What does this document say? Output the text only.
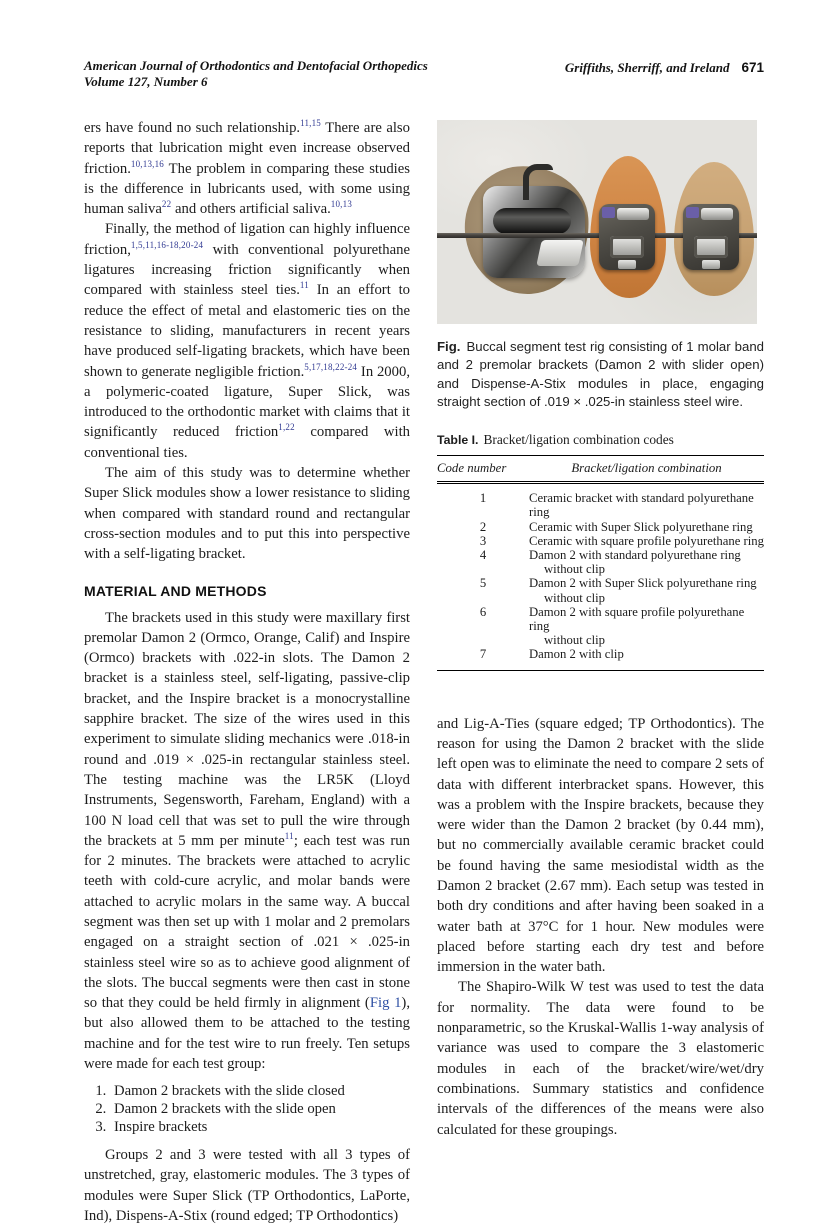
American Journal of Orthodontics and Dentofacial Orthopedics
Volume 127, Number 6
Griffiths, Sherriff, and Ireland 671

ers have found no such relationship.$^{11,15}$ There are also reports that lubrication might even increase observed friction.$^{10,13,16}$ The problem in comparing these studies is the difference in lubricants used, with some using human saliva$^{22}$ and others artificial saliva.$^{10,13}$

Finally, the method of ligation can highly influence friction,$^{1,5,11,16-18,20-24}$ with conventional polyurethane ligatures increasing friction significantly when compared with stainless steel ties.$^{11}$ In an effort to reduce the effect of metal and elastomeric ties on the resistance to sliding, manufacturers in recent years have produced self-ligating brackets, which have been shown to generate negligible friction.$^{5,17,18,22-24}$ In 2000, a polymeric-coated ligature, Super Slick, was introduced to the orthodontic market with claims that it significantly reduced friction$^{1,22}$ compared with conventional ties.

The aim of this study was to determine whether Super Slick modules show a lower resistance to sliding when compared with standard round and rectangular cross-section modules and to put this into perspective with a self-ligating bracket.

MATERIAL AND METHODS

The brackets used in this study were maxillary first premolar Damon 2 (Ormco, Orange, Calif) and Inspire (Ormco) brackets with .022-in slots. The Damon 2 bracket is a stainless steel, self-ligating, passive-clip bracket, and the Inspire bracket is a monocrystalline sapphire bracket. The size of the wires used in this experiment to simulate sliding mechanics were .018-in round and .019 × .025-in rectangular stainless steel. The testing machine was the LR5K (Lloyd Instruments, Segensworth, Fareham, England) with a 100 N load cell that was set to pull the wire through the brackets at 5 mm per minute$^{11}$; each test was run for 2 minutes. The brackets were attached to acrylic teeth with cold-cure acrylic, and molar bands were attached to acrylic molars in the same way. A buccal segment was then set up with 1 molar and 2 premolars engaged on a straight section of .021 × .025-in stainless steel wire so as to achieve good alignment of the slots. The buccal segments were then cast in stone so that they could be held firmly in alignment (Fig 1), but also allowed them to be attached to the testing machine and for the test wire to run freely. Ten setups were made for each test group:

1. Damon 2 brackets with the slide closed
2. Damon 2 brackets with the slide open
3. Inspire brackets

Groups 2 and 3 were tested with all 3 types of unstretched, gray, elastomeric modules. The 3 types of modules were Super Slick (TP Orthodontics, LaPorte, Ind), Dispens-A-Stix (round edged; TP Orthodontics)

Fig. Buccal segment test rig consisting of 1 molar band and 2 premolar brackets (Damon 2 with slider open) and Dispense-A-Stix modules in place, engaging straight section of .019 × .025-in stainless steel wire.

Table I. Bracket/ligation combination codes

Code number	Bracket/ligation combination
1	Ceramic bracket with standard polyurethane ring
2	Ceramic with Super Slick polyurethane ring
3	Ceramic with square profile polyurethane ring
4	Damon 2 with standard polyurethane ring
without clip
5	Damon 2 with Super Slick polyurethane ring
without clip
6	Damon 2 with square profile polyurethane ring
without clip
7	Damon 2 with clip

and Lig-A-Ties (square edged; TP Orthodontics). The reason for using the Damon 2 bracket with the slide left open was to eliminate the need to compare 2 sets of data with different interbracket spans. However, this was a problem with the Inspire brackets, because they were wider than the Damon 2 bracket (by 0.44 mm), but no commercially available ceramic bracket could be found having the same mesiodistal width as the Damon 2 bracket (2.67 mm). Each setup was tested in both dry conditions and after having been soaked in a water bath at 37°C for 1 hour. New modules were placed before starting each dry test and before immersion in the water bath.

The Shapiro-Wilk W test was used to test the data for normality. The data were found to be nonparametric, so the Kruskal-Wallis 1-way analysis of variance was used to compare the 3 elastomeric modules in each of the bracket/wire/wet/dry combinations. Summary statistics and confidence intervals of the differences of the means were also calculated for these groupings.
